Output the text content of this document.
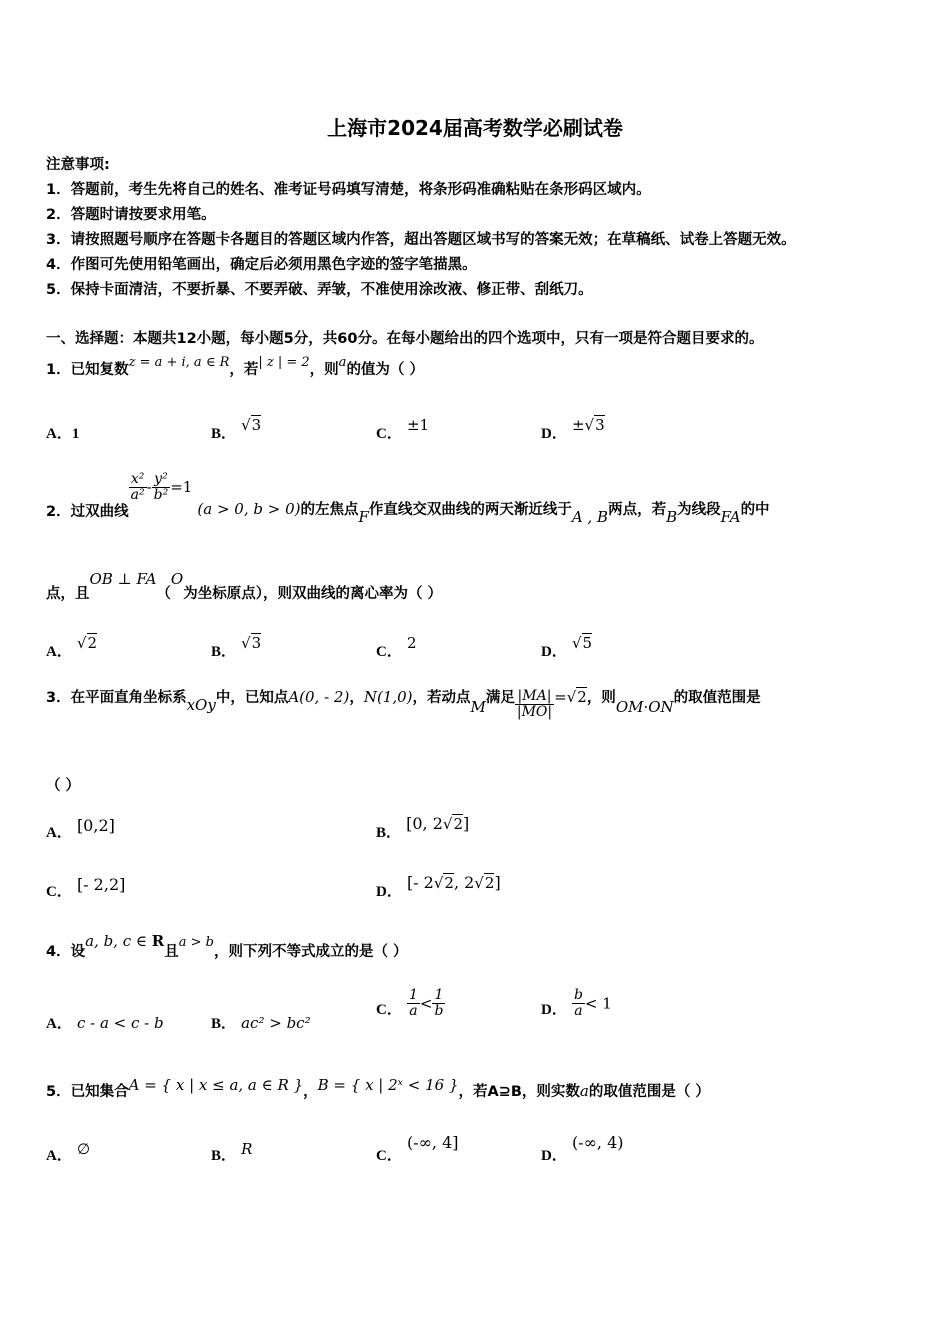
上海市2024届高考数学必刷试卷
注意事项:
1．答题前，考生先将自己的姓名、准考证号码填写清楚，将条形码准确粘贴在条形码区域内。
2．答题时请按要求用笔。
3．请按照题号顺序在答题卡各题目的答题区域内作答，超出答题区域书写的答案无效；在草稿纸、试卷上答题无效。
4．作图可先使用铅笔画出，确定后必须用黑色字迹的签字笔描黑。
5．保持卡面清洁，不要折暴、不要弄破、弄皱，不准使用涂改液、修正带、刮纸刀。
一、选择题：本题共12小题，每小题5分，共60分。在每小题给出的四个选项中，只有一项是符合题目要求的。
1．已知复数z = a + i, a ∈ R，若| z | = 2，则a的值为（ ）
A．1	B． √3	C． ±1	D． ±√3
2．过双曲线
$\frac{\text{x²}}{\text{a²}} - \frac{\text{y²}}{\text{b²}} =1$ (a > 0, b > 0)的左焦点F作直线交双曲线的两天渐近线于A , B两点，若B为线段FA的中
点，且OB ⊥ FA（O为坐标原点），则双曲线的离心率为（ ）
A． √2	B． √3	C． 2	D． √5
3．在平面直角坐标系xOy中，已知点A(0, - 2)，N(1,0)，若动点M满足 $\frac{|MA|}{|MO|} =√2$，则OM·ON的取值范围是
（ ）
A． [0,2]	B． [0, 2√2]
C． [- 2,2]	D． [- 2√2, 2√2]
4．设a, b, c ∈ R且a > b，则下列不等式成立的是（ ）
A． c - a < c - b	B． ac² > bc²
C． $\frac{1}{a} < \frac{1}{b}$	D． $\frac{b}{a} < 1$
5．已知集合A = { x | x ≤ a, a ∈ R }，B = { x | 2ˣ < 16 }，若A⊇B，则实数a的取值范围是（ ）
A． ∅	B． R	C． (-∞, 4]
D． (-∞, 4)
